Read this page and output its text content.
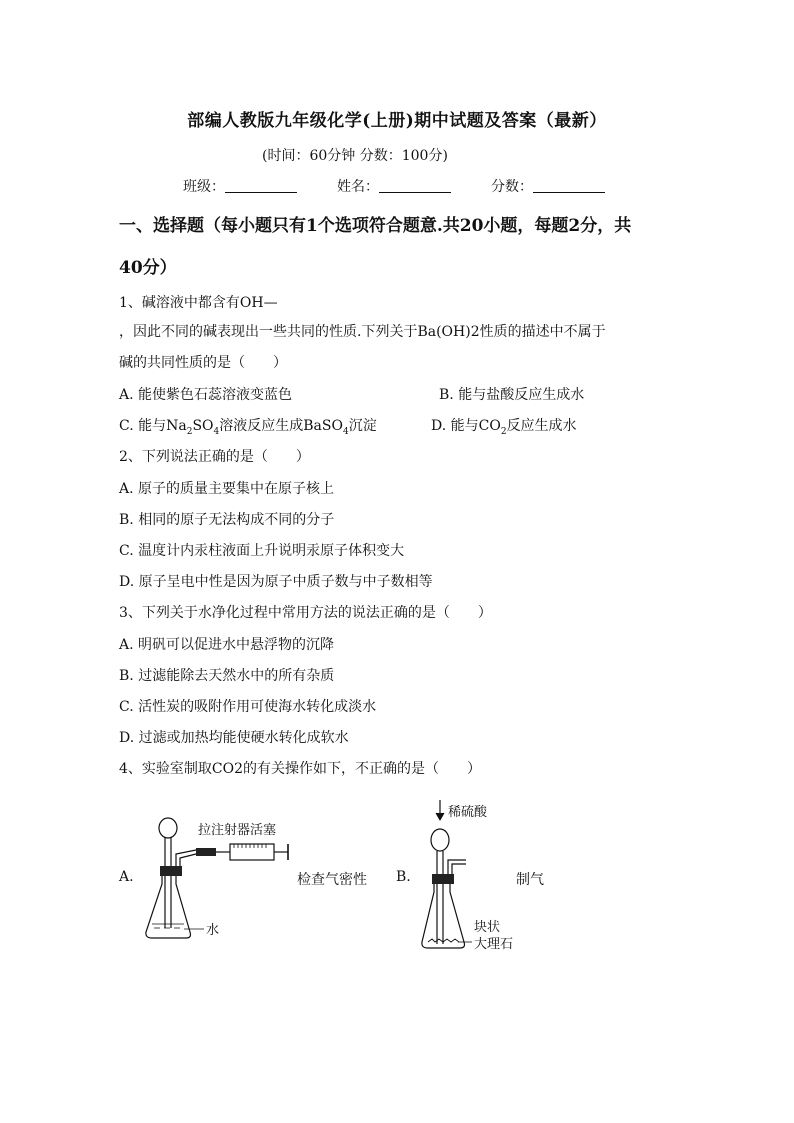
部编人教版九年级化学(上册)期中试题及答案（最新）
(时间：60分钟 分数：100分)
班级：	姓名：	分数：
一、选择题（每小题只有1个选项符合题意.共20小题，每题2分，共
40分）
1、碱溶液中都含有OH—
，因此不同的碱表现出一些共同的性质.下列关于Ba(OH)2性质的描述中不属于
碱的共同性质的是（　　）
A. 能使紫色石蕊溶液变蓝色	B. 能与盐酸反应生成水
C. 能与$Na_2SO_4$溶液反应生成BaSO$_4$沉淀	D. 能与$CO_2$反应生成水
2、下列说法正确的是（　　）
A. 原子的质量主要集中在原子核上
B. 相同的原子无法构成不同的分子
C. 温度计内汞柱液面上升说明汞原子体积变大
D. 原子呈电中性是因为原子中质子数与中子数相等
3、下列关于水净化过程中常用方法的说法正确的是（　　）
A. 明矾可以促进水中悬浮物的沉降
B. 过滤能除去天然水中的所有杂质
C. 活性炭的吸附作用可使海水转化成淡水
D. 过滤或加热均能使硬水转化成软水
4、实验室制取CO2的有关操作如下，不正确的是（　　）
A.	检查气密性 B.	制气
拉注射器活塞
水
稀硫酸
块状
大理石
